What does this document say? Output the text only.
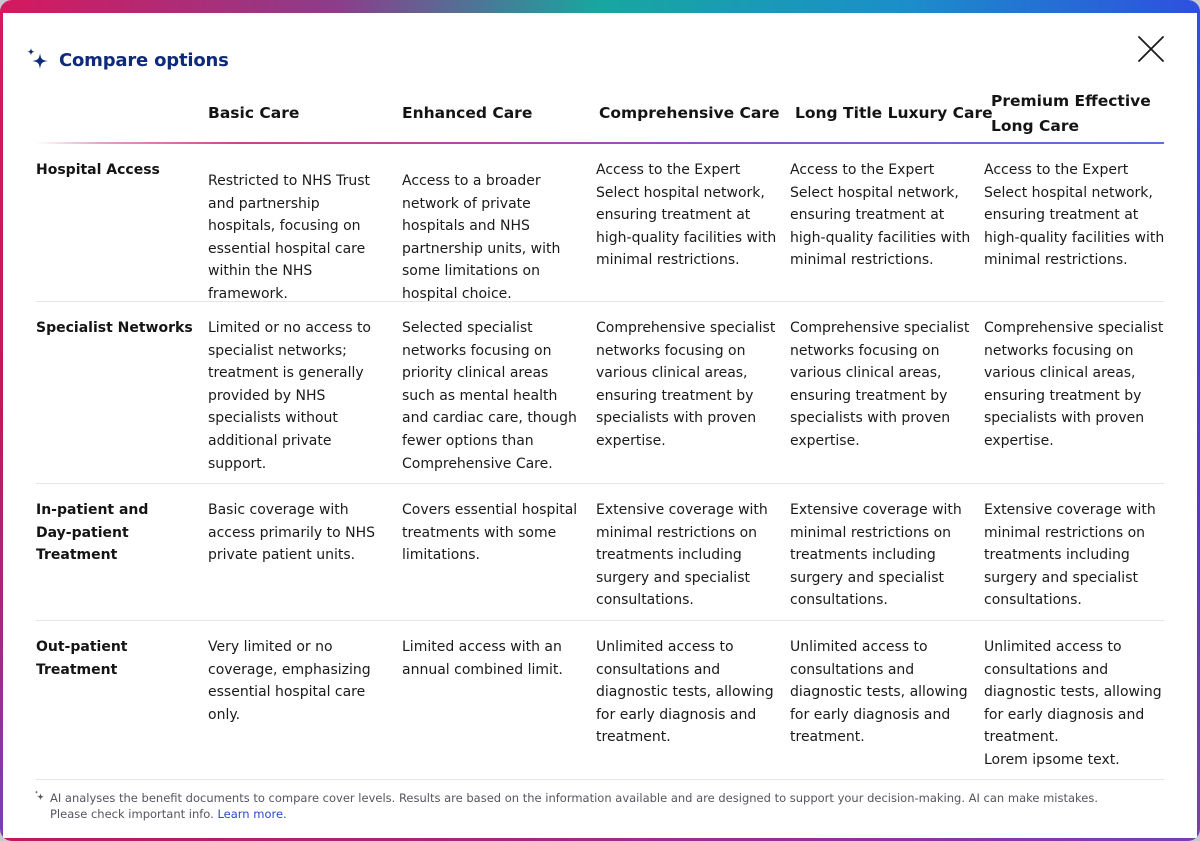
Compare options
Basic Care	Enhanced Care	Comprehensive Care Long Title Luxury Care
Premium Effective
Long Care
Hospital Access
Restricted to NHS Trust and partnership hospitals, focusing on essential hospital care within the NHS framework.
Access to a broader network of private hospitals and NHS partnership units, with some limitations on hospital choice.
Access to the Expert Select hospital network, ensuring treatment at high-quality facilities with minimal restrictions.
Access to the Expert Select hospital network, ensuring treatment at high-quality facilities with minimal restrictions.
Access to the Expert Select hospital network, ensuring treatment at high-quality facilities with minimal restrictions.
Specialist Networks Limited or no access to specialist networks; treatment is generally provided by NHS specialists without additional private support.
Selected specialist networks focusing on priority clinical areas such as mental health and cardiac care, though fewer options than Comprehensive Care.
Comprehensive specialist networks focusing on various clinical areas, ensuring treatment by specialists with proven expertise.
Comprehensive specialist networks focusing on various clinical areas, ensuring treatment by specialists with proven expertise.
Comprehensive specialist networks focusing on various clinical areas, ensuring treatment by specialists with proven expertise.
In-patient and Day-patient Treatment
Basic coverage with access primarily to NHS private patient units.
Covers essential hospital treatments with some limitations.
Extensive coverage with minimal restrictions on treatments including surgery and specialist consultations.
Extensive coverage with minimal restrictions on treatments including surgery and specialist consultations.
Extensive coverage with minimal restrictions on treatments including surgery and specialist consultations.
Out-patient Treatment
Very limited or no coverage, emphasizing essential hospital care only.
Limited access with an annual combined limit.
Unlimited access to consultations and diagnostic tests, allowing for early diagnosis and treatment.
Unlimited access to consultations and diagnostic tests, allowing for early diagnosis and treatment.
Unlimited access to consultations and diagnostic tests, allowing for early diagnosis and treatment.
Lorem ipsome text.
AI analyses the benefit documents to compare cover levels. Results are based on the information available and are designed to support your decision-making. AI can make mistakes. Please check important info. Learn more.
